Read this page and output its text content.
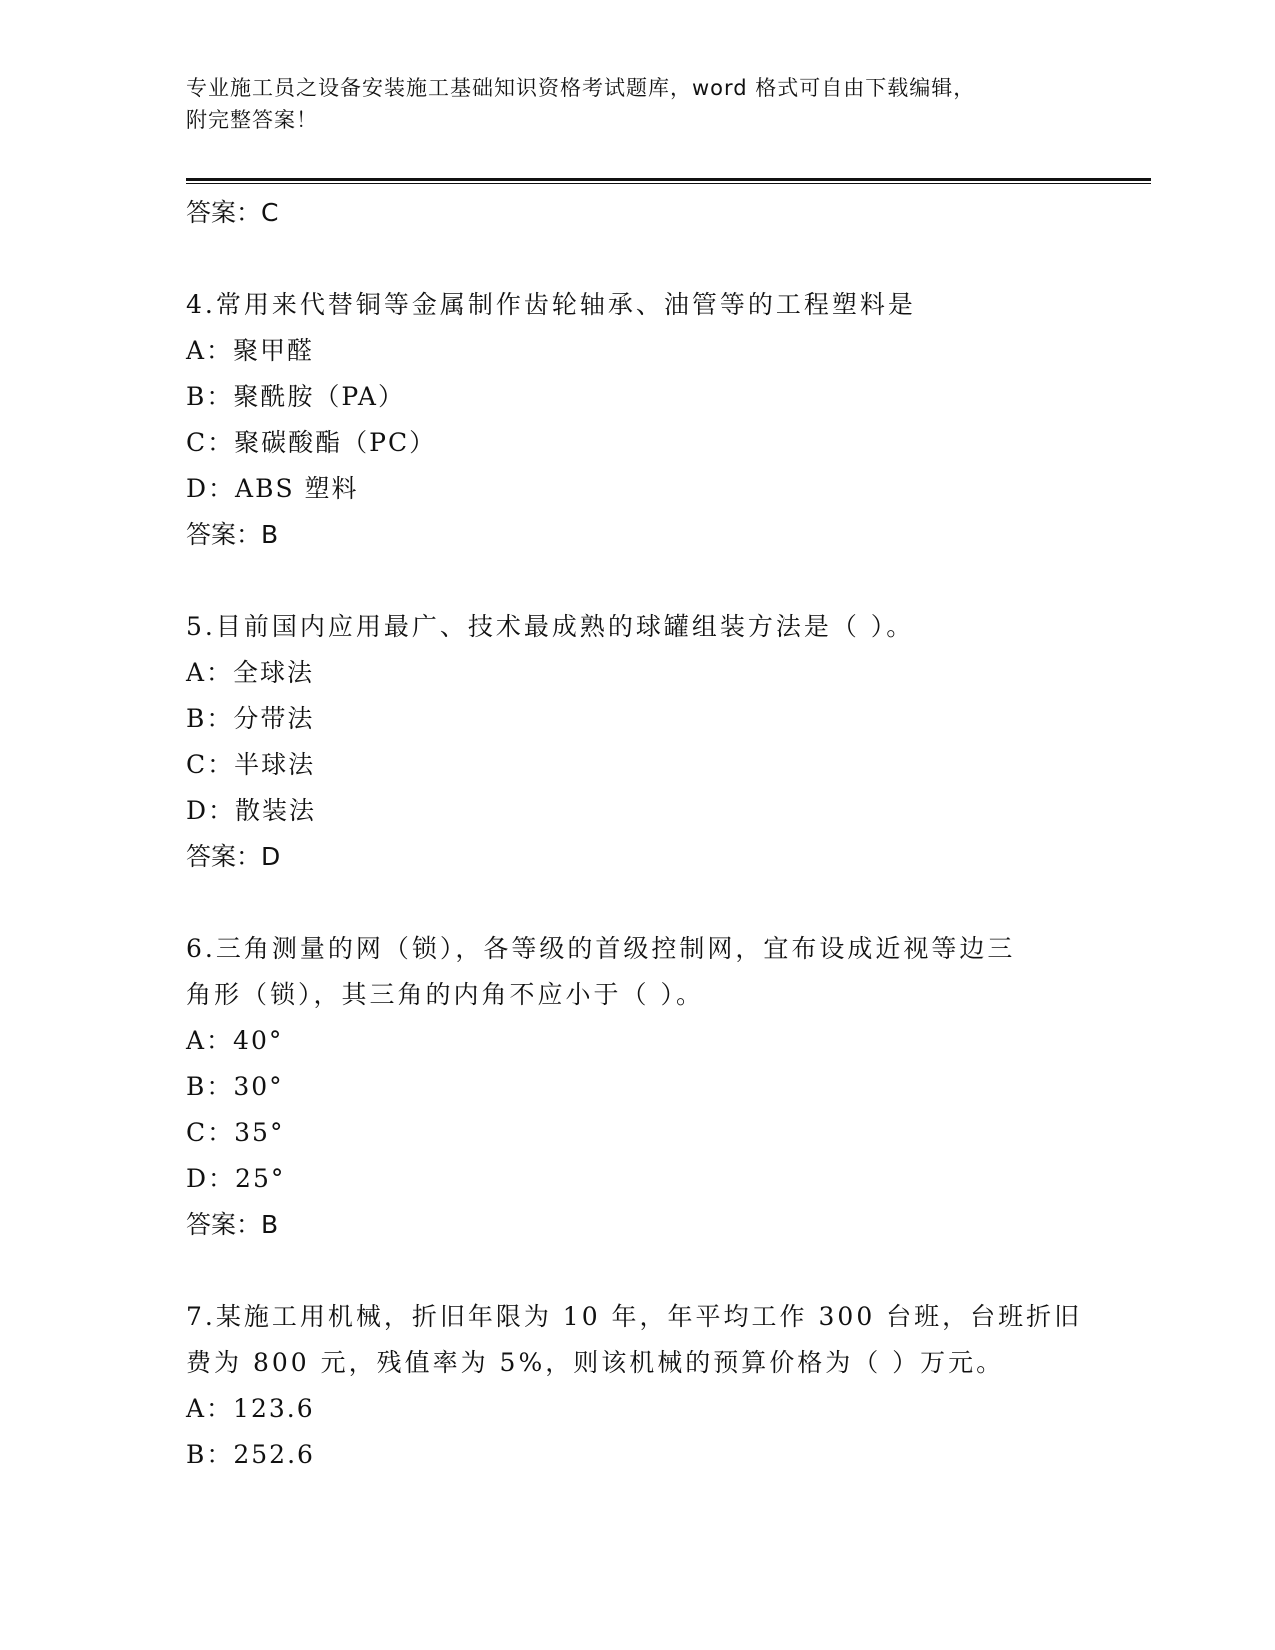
专业施工员之设备安装施工基础知识资格考试题库，word 格式可自由下载编辑，
附完整答案！
答案：C
4.常用来代替铜等金属制作齿轮轴承、油管等的工程塑料是
A：聚甲醛
B：聚酰胺（PA）
C：聚碳酸酯（PC）
D：ABS 塑料
答案：B
5.目前国内应用最广、技术最成熟的球罐组装方法是（ ）。
A：全球法
B：分带法
C：半球法
D：散装法
答案：D
6.三角测量的网（锁），各等级的首级控制网，宜布设成近视等边三
角形（锁），其三角的内角不应小于（ ）。
A：40°
B：30°
C：35°
D：25°
答案：B
7.某施工用机械，折旧年限为 10 年，年平均工作 300 台班，台班折旧
费为 800 元，残值率为 5%，则该机械的预算价格为（ ）万元。
A：123.6
B：252.6
